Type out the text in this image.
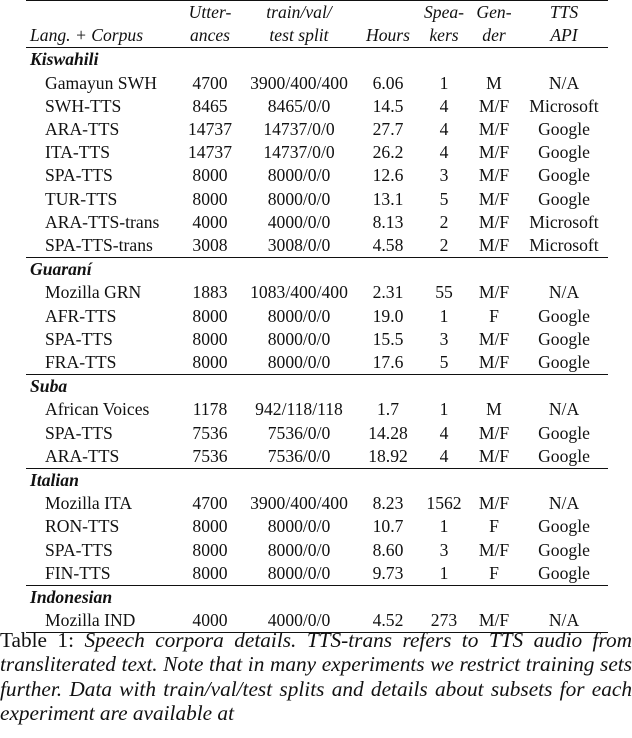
	Utter-	train/val/		Spea-	Gen-	TTS
Lang. + Corpus	ances	test split	Hours	kers	der	API
Kiswahili						
Gamayun SWH	4700	3900/400/400	6.06	1	M	N/A
SWH-TTS	8465	8465/0/0	14.5	4	M/F	Microsoft
ARA-TTS	14737	14737/0/0	27.7	4	M/F	Google
ITA-TTS	14737	14737/0/0	26.2	4	M/F	Google
SPA-TTS	8000	8000/0/0	12.6	3	M/F	Google
TUR-TTS	8000	8000/0/0	13.1	5	M/F	Google
ARA-TTS-trans	4000	4000/0/0	8.13	2	M/F	Microsoft
SPA-TTS-trans	3008	3008/0/0	4.58	2	M/F	Microsoft
Guaraní						
Mozilla GRN	1883	1083/400/400	2.31	55	M/F	N/A
AFR-TTS	8000	8000/0/0	19.0	1	F	Google
SPA-TTS	8000	8000/0/0	15.5	3	M/F	Google
FRA-TTS	8000	8000/0/0	17.6	5	M/F	Google
Suba						
African Voices	1178	942/118/118	1.7	1	M	N/A
SPA-TTS	7536	7536/0/0	14.28	4	M/F	Google
ARA-TTS	7536	7536/0/0	18.92	4	M/F	Google
Italian						
Mozilla ITA	4700	3900/400/400	8.23	1562	M/F	N/A
RON-TTS	8000	8000/0/0	10.7	1	F	Google
SPA-TTS	8000	8000/0/0	8.60	3	M/F	Google
FIN-TTS	8000	8000/0/0	9.73	1	F	Google
Indonesian						
Mozilla IND	4000	4000/0/0	4.52	273	M/F	N/A
Table 1: Speech corpora details. TTS-trans refers to TTS audio from transliterated text. Note that in many experiments we restrict training sets further. Data with train/val/test splits and details about subsets for each experiment are available at
